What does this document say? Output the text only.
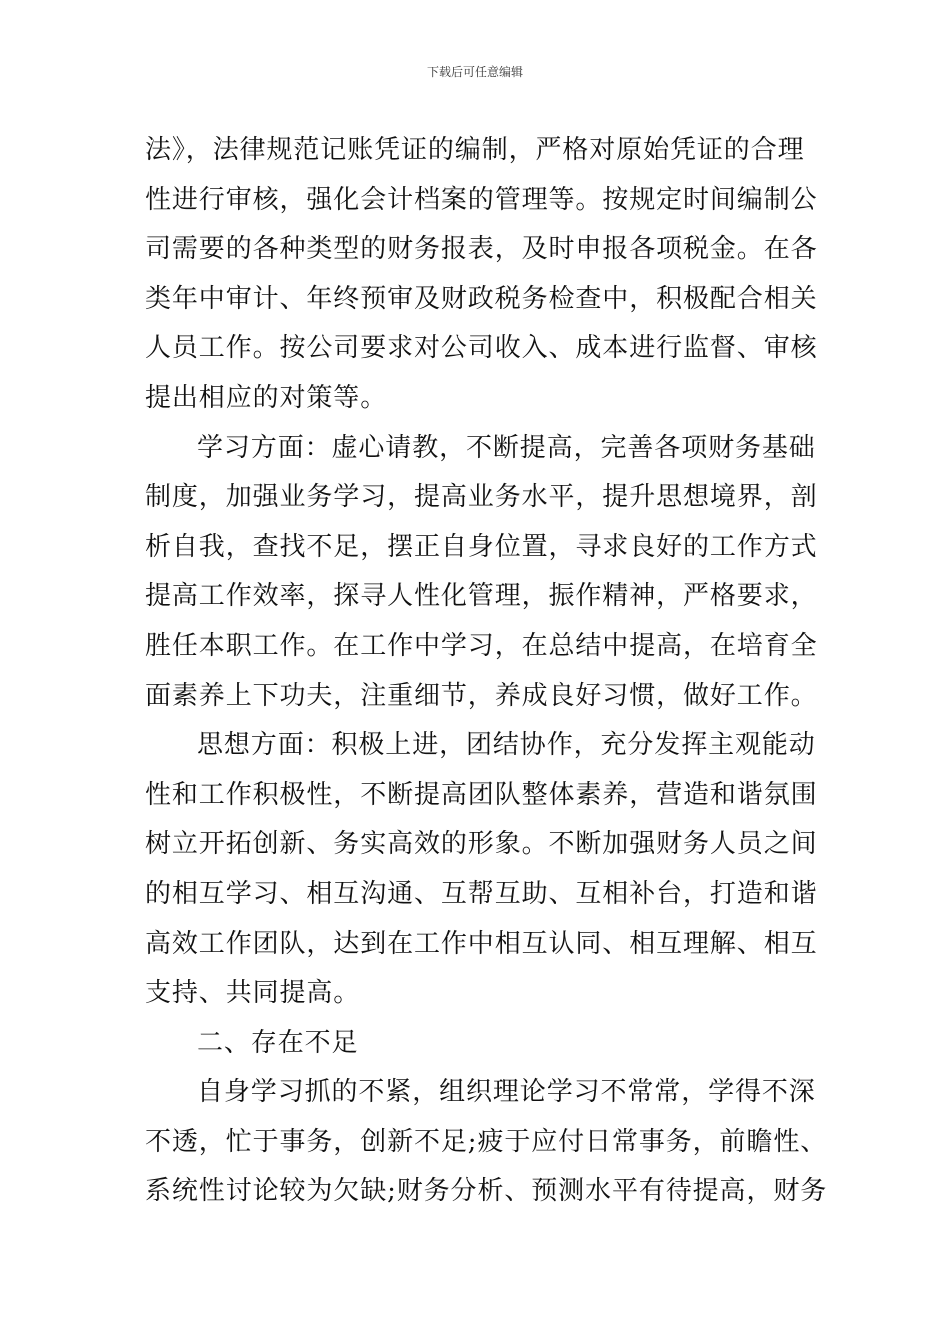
下载后可任意编辑
法》，法律规范记账凭证的编制，严格对原始凭证的合理
性进行审核，强化会计档案的管理等。按规定时间编制公
司需要的各种类型的财务报表，及时申报各项税金。在各
类年中审计、年终预审及财政税务检查中，积极配合相关
人员工作。按公司要求对公司收入、成本进行监督、审核
提出相应的对策等。
学习方面：虚心请教，不断提高，完善各项财务基础
制度，加强业务学习，提高业务水平，提升思想境界，剖
析自我，查找不足，摆正自身位置，寻求良好的工作方式
提高工作效率，探寻人性化管理，振作精神，严格要求，
胜任本职工作。在工作中学习，在总结中提高，在培育全
面素养上下功夫，注重细节，养成良好习惯，做好工作。
思想方面：积极上进，团结协作，充分发挥主观能动
性和工作积极性，不断提高团队整体素养，营造和谐氛围
树立开拓创新、务实高效的形象。不断加强财务人员之间
的相互学习、相互沟通、互帮互助、互相补台，打造和谐
高效工作团队，达到在工作中相互认同、相互理解、相互
支持、共同提高。
二、存在不足
自身学习抓的不紧，组织理论学习不常常，学得不深
不透，忙于事务，创新不足;疲于应付日常事务，前瞻性、
系统性讨论较为欠缺;财务分析、预测水平有待提高，财务
